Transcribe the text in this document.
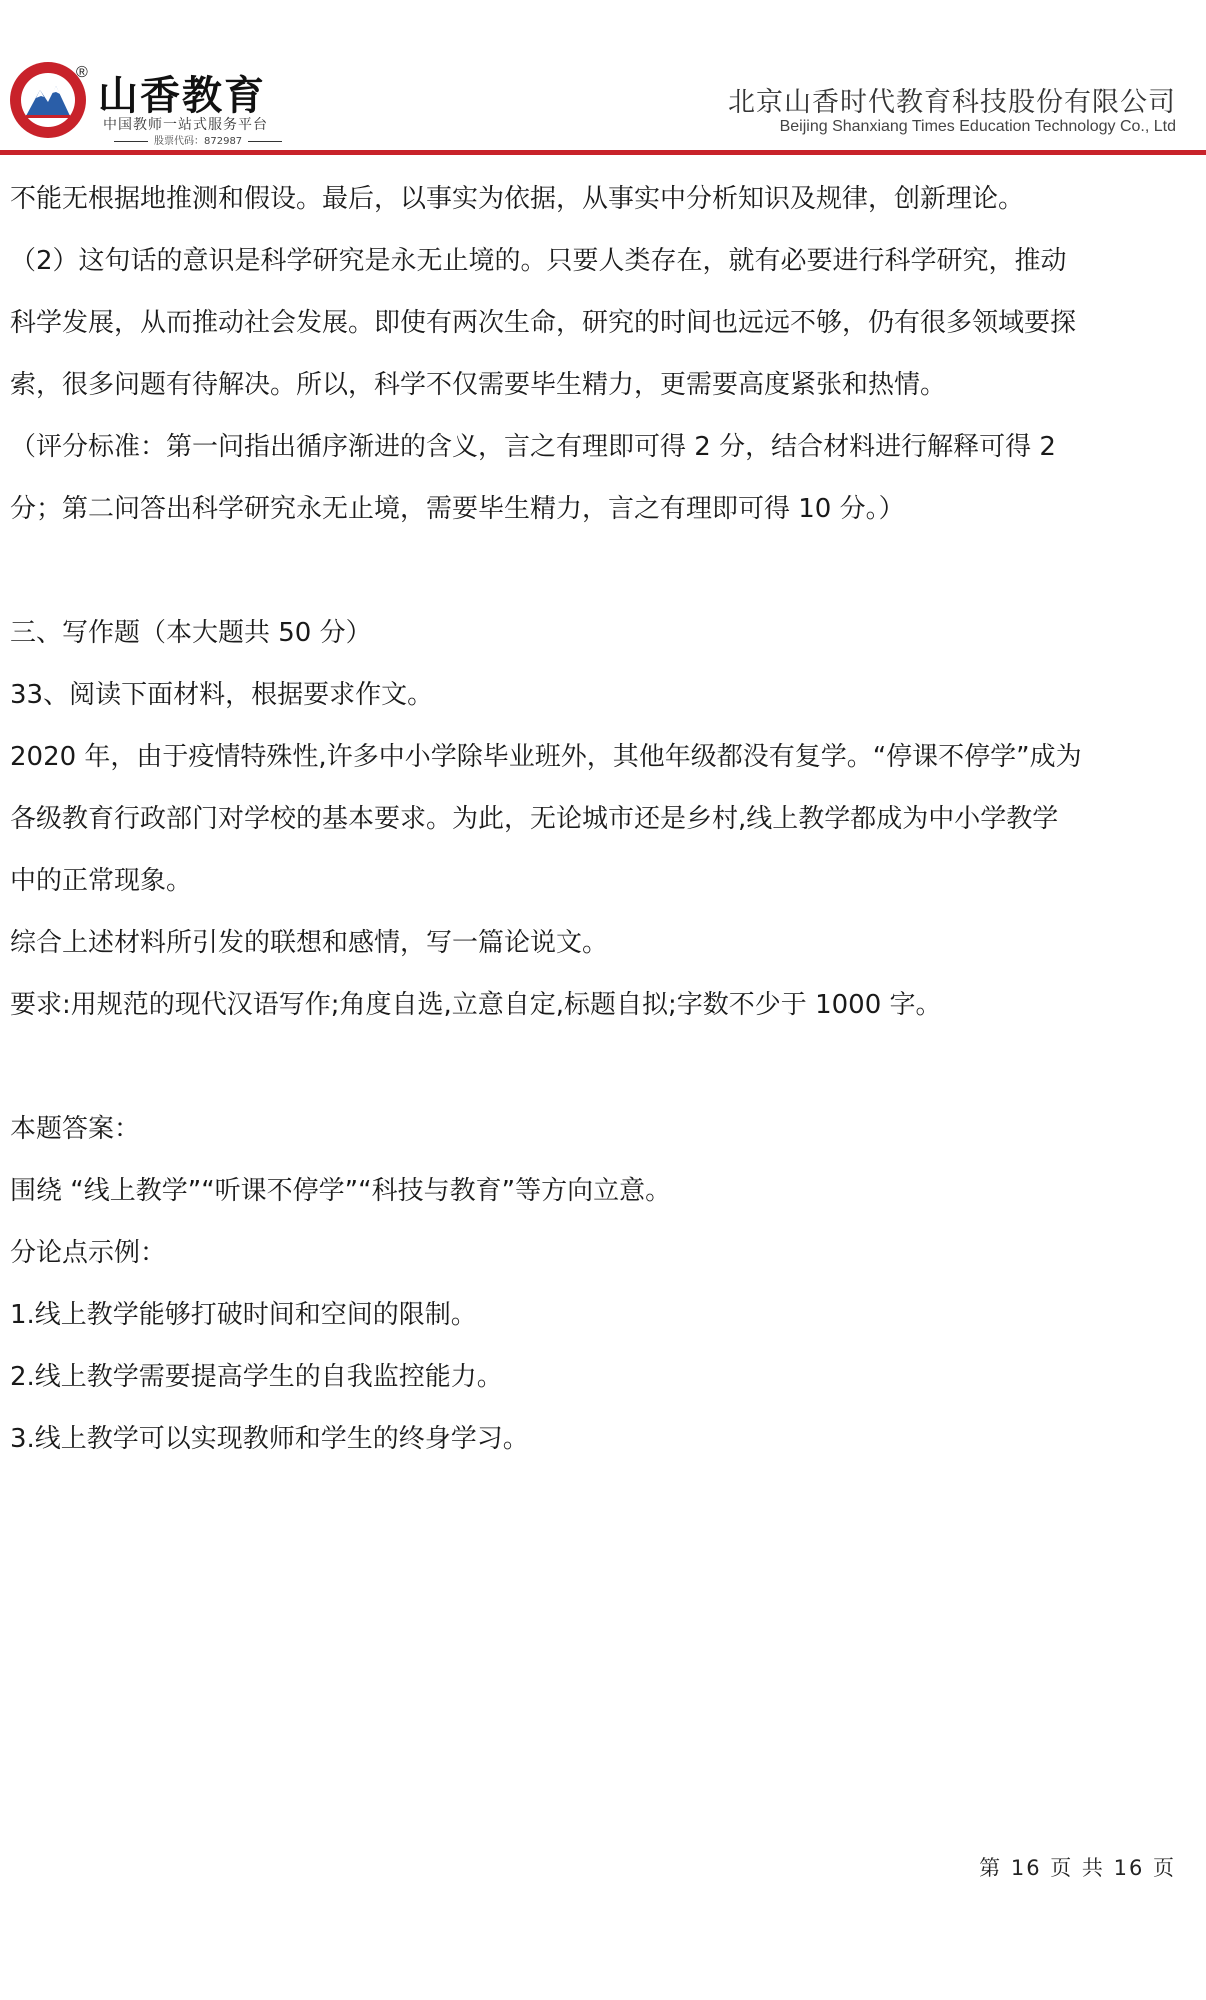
®
山香教育
中国教师一站式服务平台
股票代码：872987
北京山香时代教育科技股份有限公司
Beijing Shanxiang Times Education Technology Co., Ltd
不能无根据地推测和假设。最后，以事实为依据，从事实中分析知识及规律，创新理论。
（2）这句话的意识是科学研究是永无止境的。只要人类存在，就有必要进行科学研究，推动
科学发展，从而推动社会发展。即使有两次生命，研究的时间也远远不够，仍有很多领域要探
索，很多问题有待解决。所以，科学不仅需要毕生精力，更需要高度紧张和热情。
（评分标准：第一问指出循序渐进的含义，言之有理即可得 2 分，结合材料进行解释可得 2
分；第二问答出科学研究永无止境，需要毕生精力，言之有理即可得 10 分。）
三、写作题（本大题共 50 分）
33、阅读下面材料，根据要求作文。
2020 年，由于疫情特殊性,许多中小学除毕业班外，其他年级都没有复学。“停课不停学”成为
各级教育行政部门对学校的基本要求。为此，无论城市还是乡村,线上教学都成为中小学教学
中的正常现象。
综合上述材料所引发的联想和感情，写一篇论说文。
要求:用规范的现代汉语写作;角度自选,立意自定,标题自拟;字数不少于 1000 字。
本题答案：
围绕 “线上教学”“听课不停学”“科技与教育”等方向立意。
分论点示例：
1.线上教学能够打破时间和空间的限制。
2.线上教学需要提高学生的自我监控能力。
3.线上教学可以实现教师和学生的终身学习。
第 16 页 共 16 页
